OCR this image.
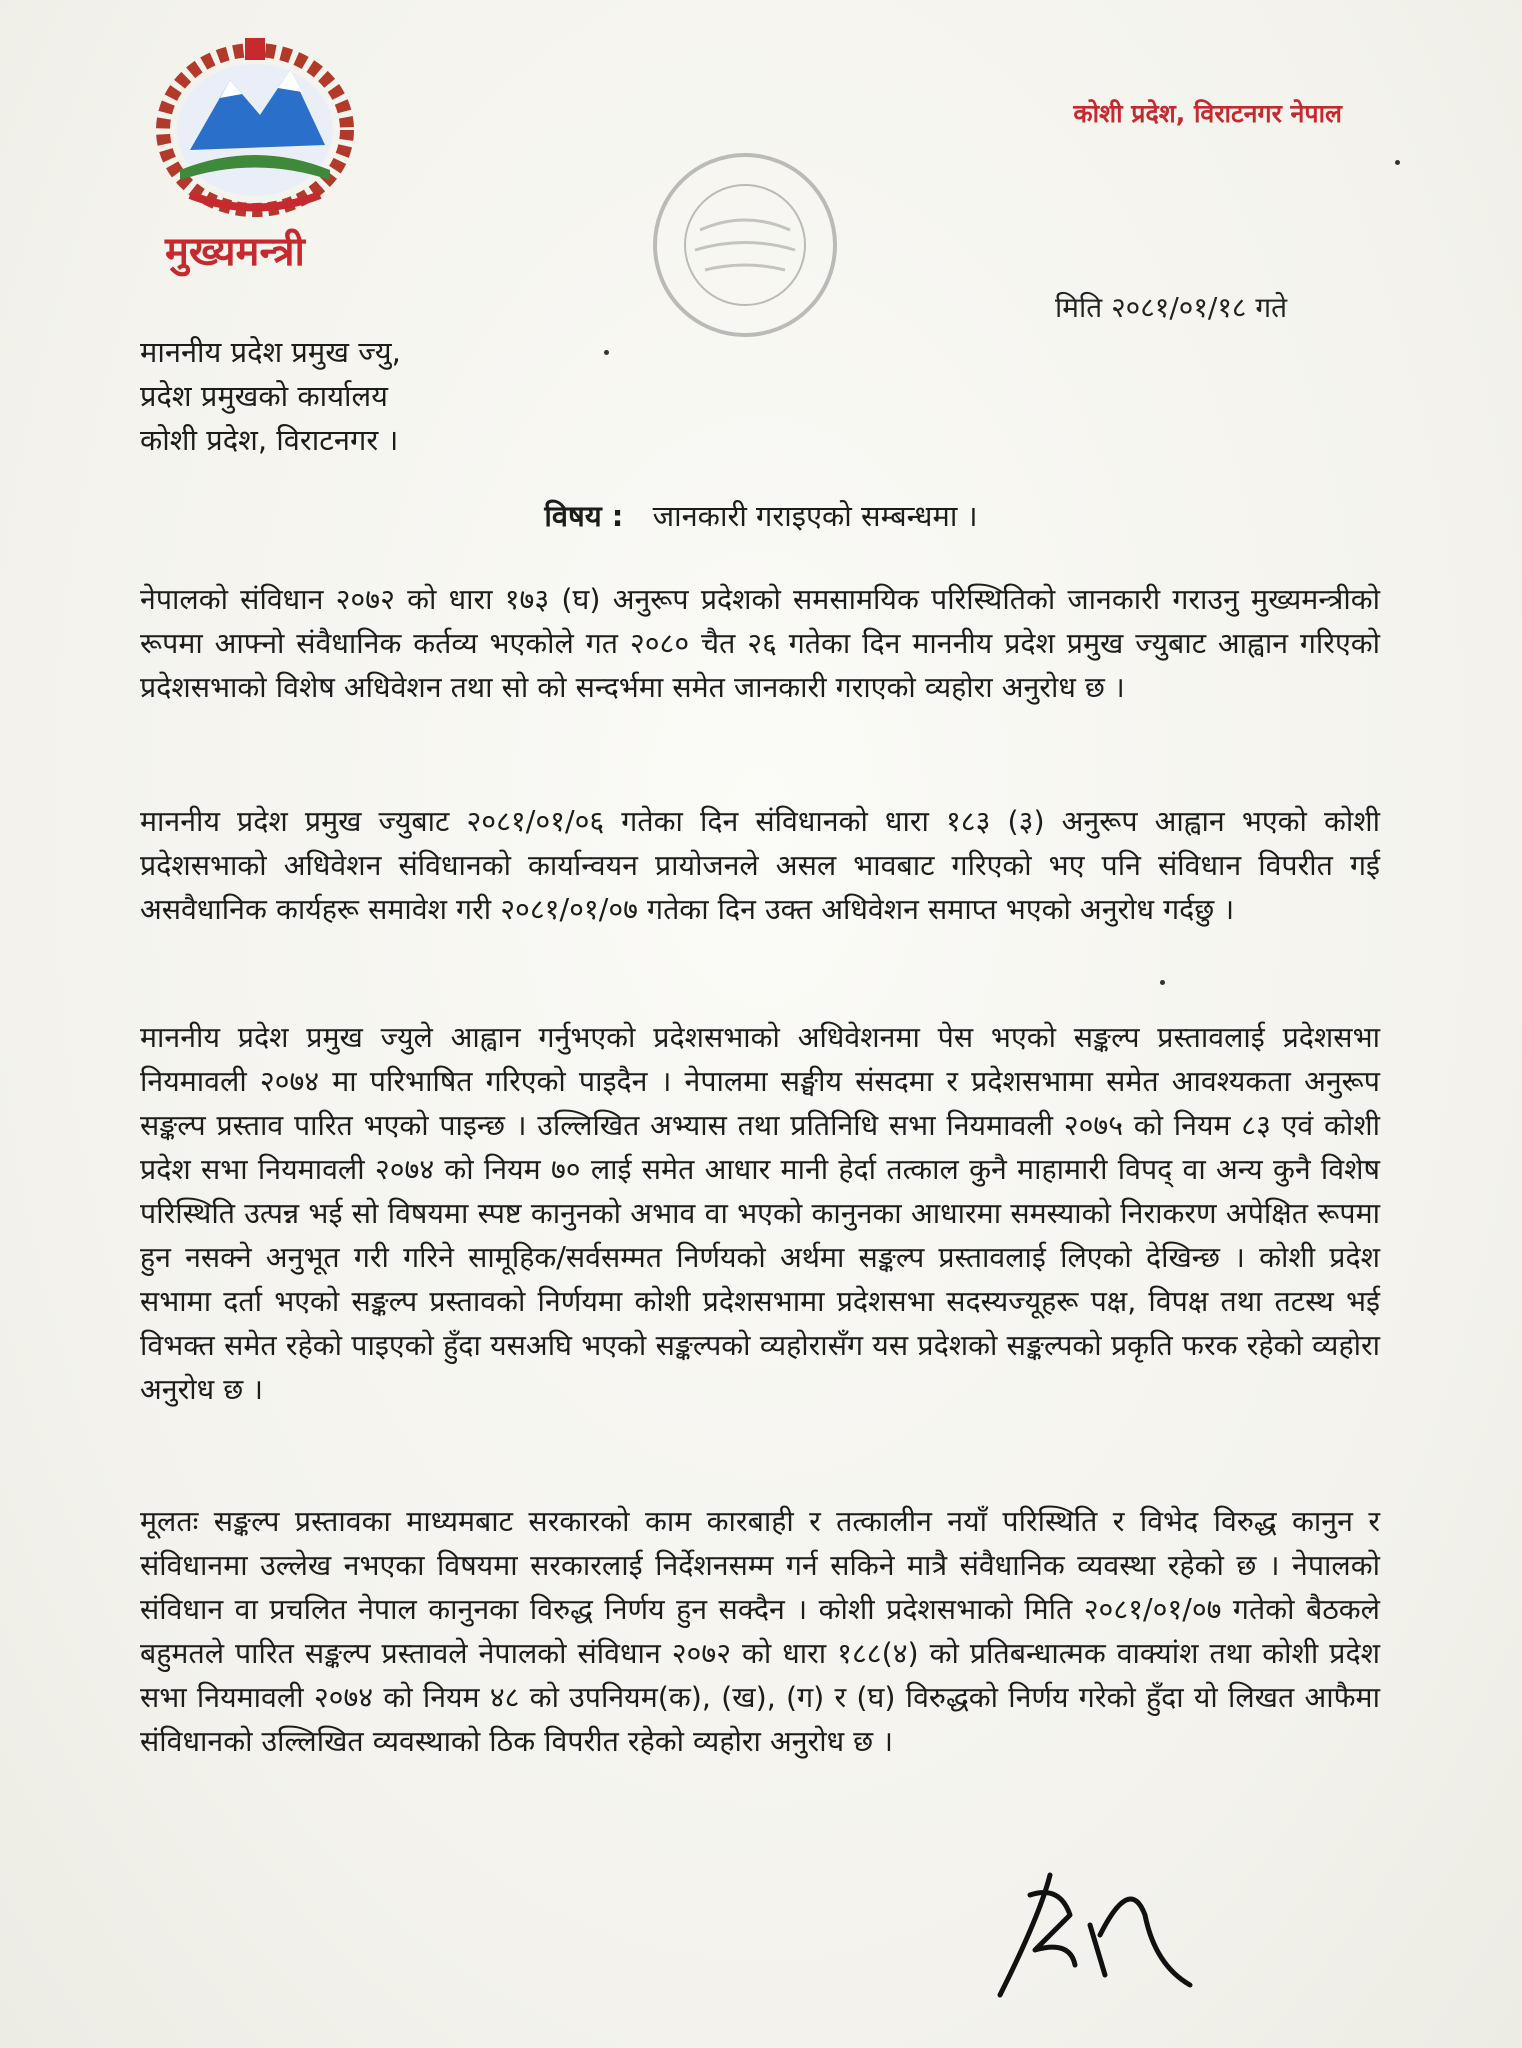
मुख्यमन्त्री
कोशी प्रदेश, विराटनगर नेपाल
मिति २०८१/०१/१८ गते
माननीय प्रदेश प्रमुख ज्यु,
प्रदेश प्रमुखको कार्यालय
कोशी प्रदेश, विराटनगर ।
विषय : जानकारी गराइएको सम्बन्धमा ।

नेपालको संविधान २०७२ को धारा १७३ (घ) अनुरूप प्रदेशको समसामयिक परिस्थितिको जानकारी गराउनु मुख्यमन्त्रीको रूपमा आफ्नो संवैधानिक कर्तव्य भएकोले गत २०८० चैत २६ गतेका दिन माननीय प्रदेश प्रमुख ज्युबाट आह्वान गरिएको प्रदेशसभाको विशेष अधिवेशन तथा सो को सन्दर्भमा समेत जानकारी गराएको व्यहोरा अनुरोध छ ।

माननीय प्रदेश प्रमुख ज्युबाट २०८१/०१/०६ गतेका दिन संविधानको धारा १८३ (३) अनुरूप आह्वान भएको कोशी प्रदेशसभाको अधिवेशन संविधानको कार्यान्वयन प्रायोजनले असल भावबाट गरिएको भए पनि संविधान विपरीत गई असवैधानिक कार्यहरू समावेश गरी २०८१/०१/०७ गतेका दिन उक्त अधिवेशन समाप्त भएको अनुरोध गर्दछु ।

माननीय प्रदेश प्रमुख ज्युले आह्वान गर्नुभएको प्रदेशसभाको अधिवेशनमा पेस भएको सङ्कल्प प्रस्तावलाई प्रदेशसभा नियमावली २०७४ मा परिभाषित गरिएको पाइदैन । नेपालमा सङ्घीय संसदमा र प्रदेशसभामा समेत आवश्यकता अनुरूप सङ्कल्प प्रस्ताव पारित भएको पाइन्छ । उल्लिखित अभ्यास तथा प्रतिनिधि सभा नियमावली २०७५ को नियम ८३ एवं कोशी प्रदेश सभा नियमावली २०७४ को नियम ७० लाई समेत आधार मानी हेर्दा तत्काल कुनै माहामारी विपद् वा अन्य कुनै विशेष परिस्थिति उत्पन्न भई सो विषयमा स्पष्ट कानुनको अभाव वा भएको कानुनका आधारमा समस्याको निराकरण अपेक्षित रूपमा हुन नसक्ने अनुभूत गरी गरिने सामूहिक/सर्वसम्मत निर्णयको अर्थमा सङ्कल्प प्रस्तावलाई लिएको देखिन्छ । कोशी प्रदेश सभामा दर्ता भएको सङ्कल्प प्रस्तावको निर्णयमा कोशी प्रदेशसभामा प्रदेशसभा सदस्यज्यूहरू पक्ष, विपक्ष तथा तटस्थ भई विभक्त समेत रहेको पाइएको हुँदा यसअघि भएको सङ्कल्पको व्यहोरासँग यस प्रदेशको सङ्कल्पको प्रकृति फरक रहेको व्यहोरा अनुरोध छ ।

मूलतः सङ्कल्प प्रस्तावका माध्यमबाट सरकारको काम कारबाही र तत्कालीन नयाँ परिस्थिति र विभेद विरुद्ध कानुन र संविधानमा उल्लेख नभएका विषयमा सरकारलाई निर्देशनसम्म गर्न सकिने मात्रै संवैधानिक व्यवस्था रहेको छ । नेपालको संविधान वा प्रचलित नेपाल कानुनका विरुद्ध निर्णय हुन सक्दैन । कोशी प्रदेशसभाको मिति २०८१/०१/०७ गतेको बैठकले बहुमतले पारित सङ्कल्प प्रस्तावले नेपालको संविधान २०७२ को धारा १८८(४) को प्रतिबन्धात्मक वाक्यांश तथा कोशी प्रदेश सभा नियमावली २०७४ को नियम ४८ को उपनियम(क), (ख), (ग) र (घ) विरुद्धको निर्णय गरेको हुँदा यो लिखत आफैमा संविधानको उल्लिखित व्यवस्थाको ठिक विपरीत रहेको व्यहोरा अनुरोध छ ।
